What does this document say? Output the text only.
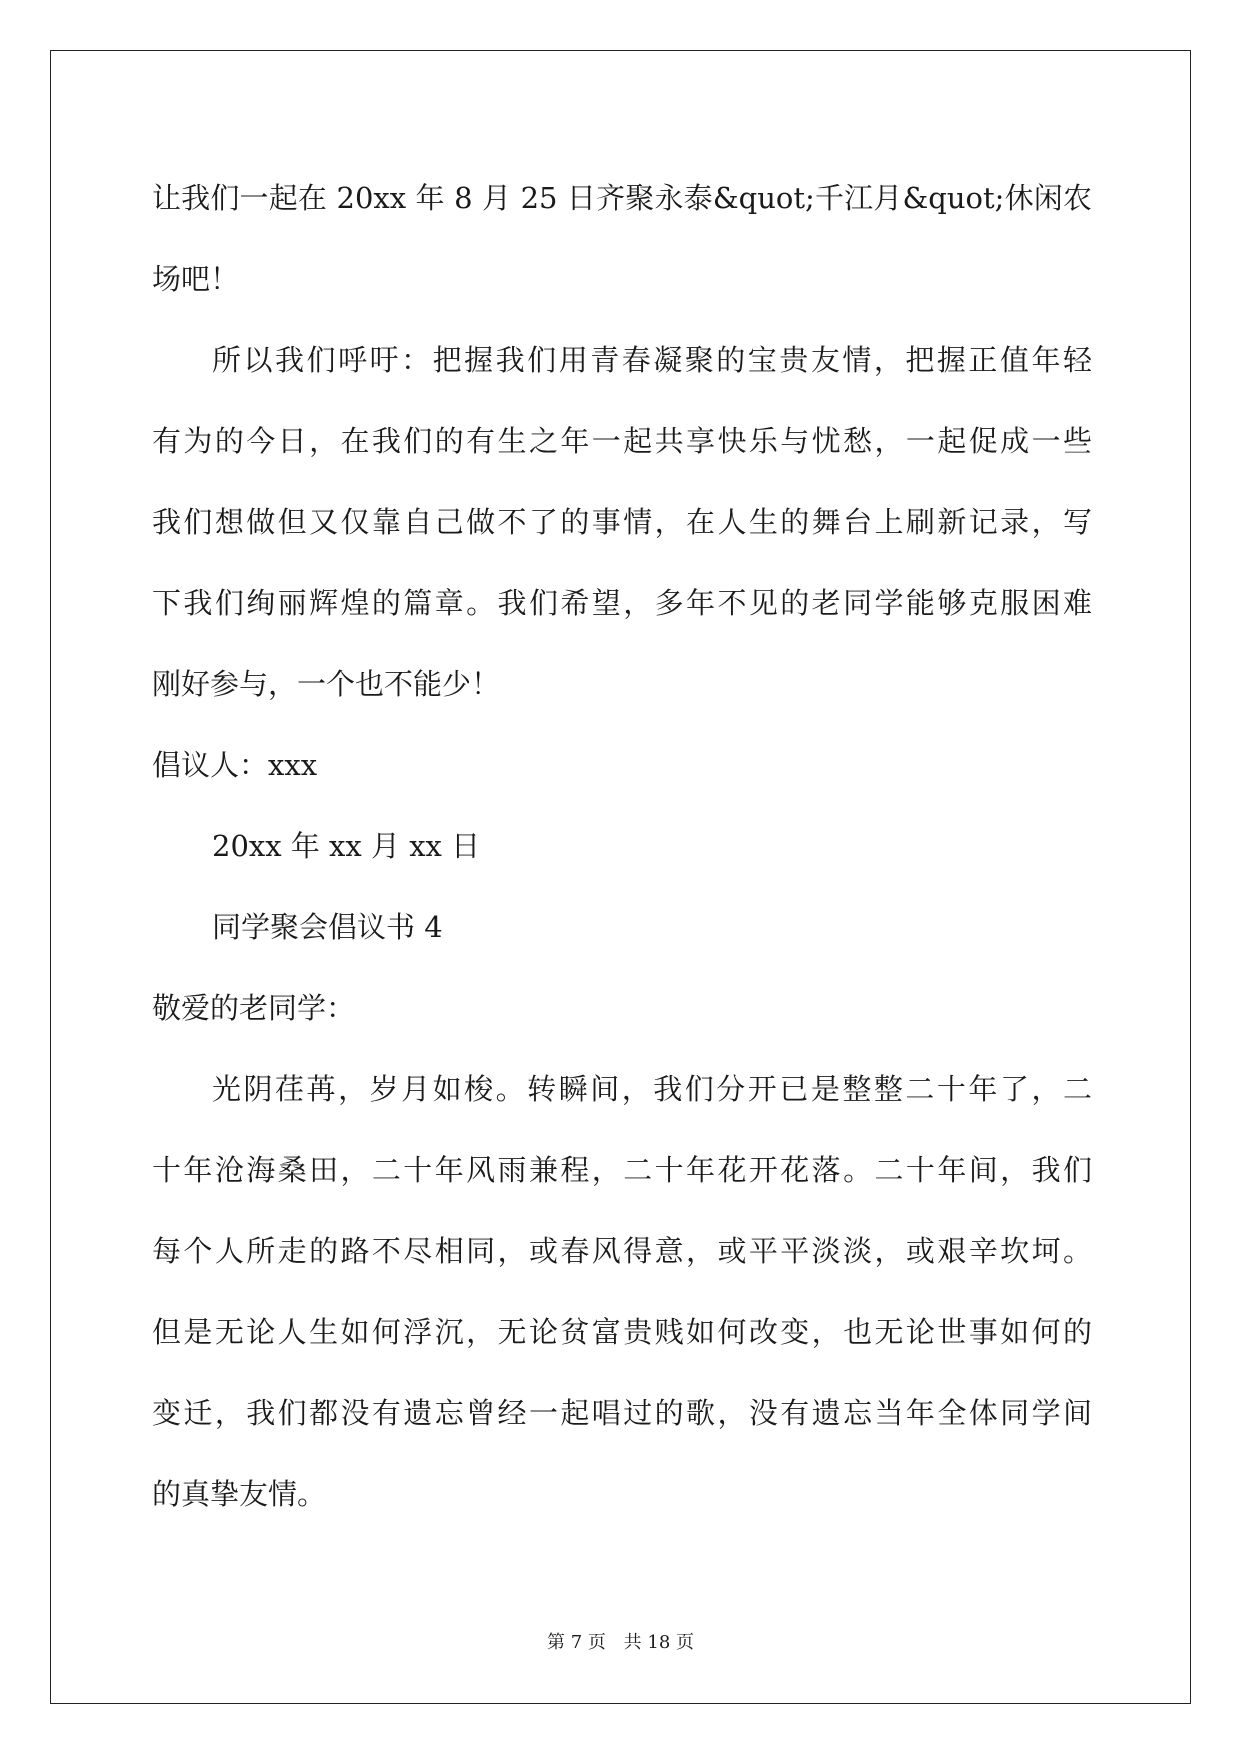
让我们一起在 20xx 年 8 月 25 日齐聚永泰&quot;千江月&quot;休闲农
场吧！
所以我们呼吁：把握我们用青春凝聚的宝贵友情，把握正值年轻
有为的今日，在我们的有生之年一起共享快乐与忧愁，一起促成一些
我们想做但又仅靠自己做不了的事情，在人生的舞台上刷新记录，写
下我们绚丽辉煌的篇章。我们希望，多年不见的老同学能够克服困难
刚好参与，一个也不能少！
倡议人：xxx
20xx 年 xx 月 xx 日
同学聚会倡议书 4
敬爱的老同学：
光阴荏苒，岁月如梭。转瞬间，我们分开已是整整二十年了，二
十年沧海桑田，二十年风雨兼程，二十年花开花落。二十年间，我们
每个人所走的路不尽相同，或春风得意，或平平淡淡，或艰辛坎坷。
但是无论人生如何浮沉，无论贫富贵贱如何改变，也无论世事如何的
变迁，我们都没有遗忘曾经一起唱过的歌，没有遗忘当年全体同学间
的真挚友情。
第 7 页 共 18 页
